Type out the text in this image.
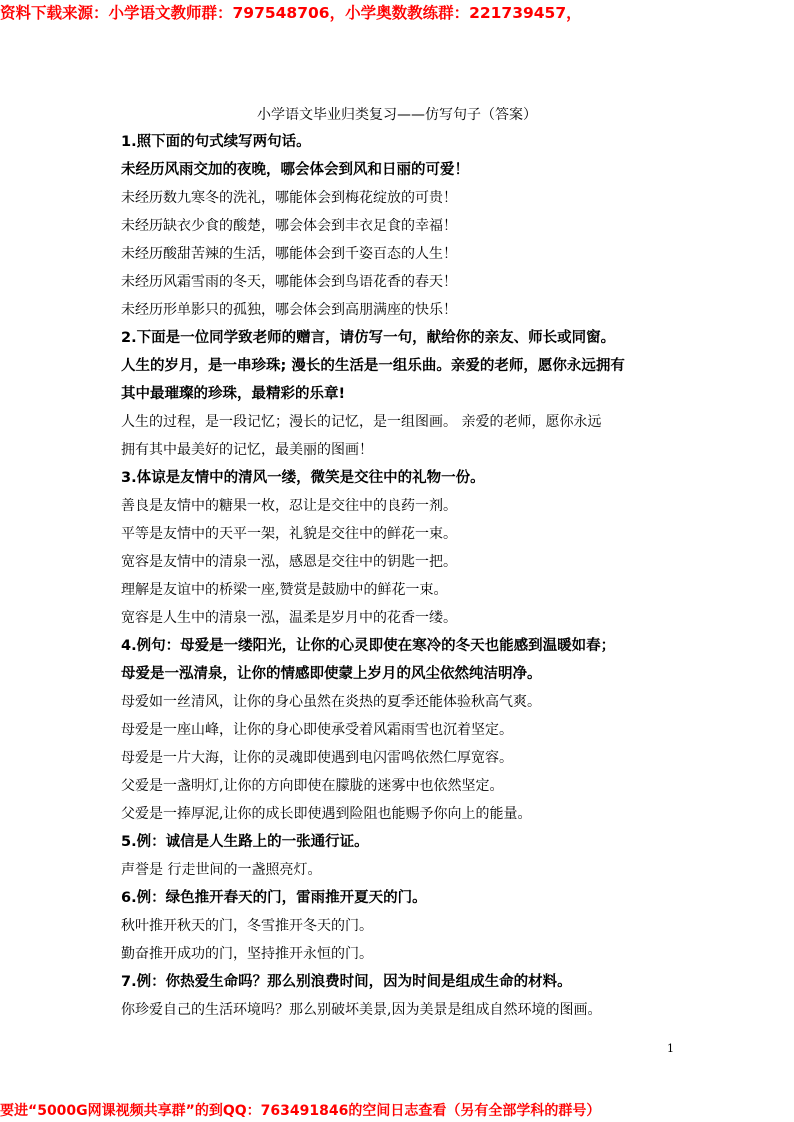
资料下载来源：小学语文教师群：797548706，小学奥数教练群：221739457，
小学语文毕业归类复习——仿写句子（答案）
1.照下面的句式续写两句话。
未经历风雨交加的夜晚，哪会体会到风和日丽的可爱！
未经历数九寒冬的洗礼，哪能体会到梅花绽放的可贵！
未经历缺衣少食的酸楚，哪会体会到丰衣足食的幸福！
未经历酸甜苦辣的生活，哪能体会到千姿百态的人生！
未经历风霜雪雨的冬天，哪能体会到鸟语花香的春天！
未经历形单影只的孤独，哪会体会到高朋满座的快乐！
2.下面是一位同学致老师的赠言，请仿写一句，献给你的亲友、师长或同窗。
人生的岁月，是一串珍珠; 漫长的生活是一组乐曲。亲爱的老师，愿你永远拥有
其中最璀璨的珍珠，最精彩的乐章!
人生的过程，是一段记忆；漫长的记忆，是一组图画。 亲爱的老师，愿你永远
拥有其中最美好的记忆，最美丽的图画！
3.体谅是友情中的清风一缕，微笑是交往中的礼物一份。
善良是友情中的糖果一枚，忍让是交往中的良药一剂。
平等是友情中的天平一架，礼貌是交往中的鲜花一束。
宽容是友情中的清泉一泓，感恩是交往中的钥匙一把。
理解是友谊中的桥梁一座,赞赏是鼓励中的鲜花一束。
宽容是人生中的清泉一泓，温柔是岁月中的花香一缕。
4.例句：母爱是一缕阳光，让你的心灵即使在寒冷的冬天也能感到温暖如春；
母爱是一泓清泉，让你的情感即使蒙上岁月的风尘依然纯洁明净。
母爱如一丝清风，让你的身心虽然在炎热的夏季还能体验秋高气爽。
母爱是一座山峰，让你的身心即使承受着风霜雨雪也沉着坚定。
母爱是一片大海，让你的灵魂即使遇到电闪雷鸣依然仁厚宽容。
父爱是一盏明灯,让你的方向即使在朦胧的迷雾中也依然坚定。
父爱是一捧厚泥,让你的成长即使遇到险阻也能赐予你向上的能量。
5.例：诚信是人生路上的一张通行证。
声誉是 行走世间的一盏照亮灯。
6.例：绿色推开春天的门，雷雨推开夏天的门。
秋叶推开秋天的门，冬雪推开冬天的门。
勤奋推开成功的门，坚持推开永恒的门。
7.例：你热爱生命吗？那么别浪费时间，因为时间是组成生命的材料。
你珍爱自己的生活环境吗？那么别破坏美景,因为美景是组成自然环境的图画。
1
要进“5000G网课视频共享群”的到QQ：763491846的空间日志查看（另有全部学科的群号）
